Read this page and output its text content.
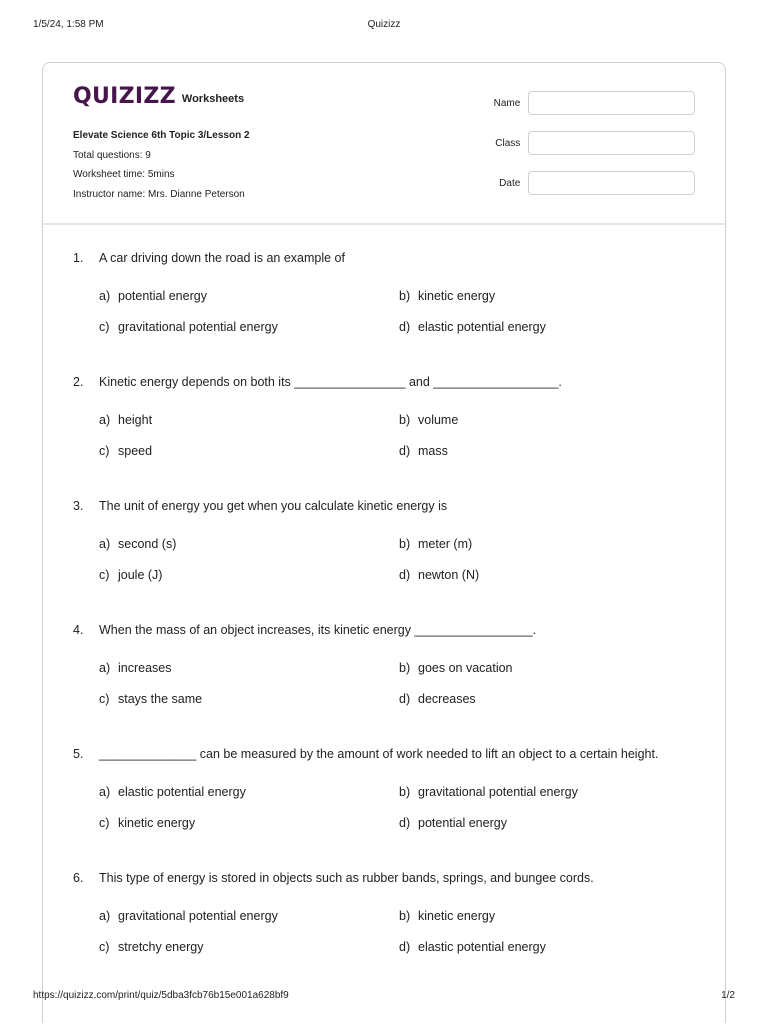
1/5/24, 1:58 PM	Quizizz
QUIZIZZ Worksheets
Elevate Science 6th Topic 3/Lesson 2
Total questions: 9
Worksheet time: 5mins
Instructor name: Mrs. Dianne Peterson
Name
Class
Date
1.	A car driving down the road is an example of
a) potential energy	b) kinetic energy
c) gravitational potential energy	d) elastic potential energy
2.	Kinetic energy depends on both its ________________ and __________________.
a) height	b) volume
c) speed	d) mass
3.	The unit of energy you get when you calculate kinetic energy is
a) second (s)	b) meter (m)
c) joule (J)	d) newton (N)
4.	When the mass of an object increases, its kinetic energy _________________.
a) increases	b) goes on vacation
c) stays the same	d) decreases
5.	______________ can be measured by the amount of work needed to lift an object to a certain height.
a) elastic potential energy	b) gravitational potential energy
c) kinetic energy	d) potential energy
6.	This type of energy is stored in objects such as rubber bands, springs, and bungee cords.
a) gravitational potential energy	b) kinetic energy
c) stretchy energy	d) elastic potential energy
https://quizizz.com/print/quiz/5dba3fcb76b15e001a628bf9	1/2
